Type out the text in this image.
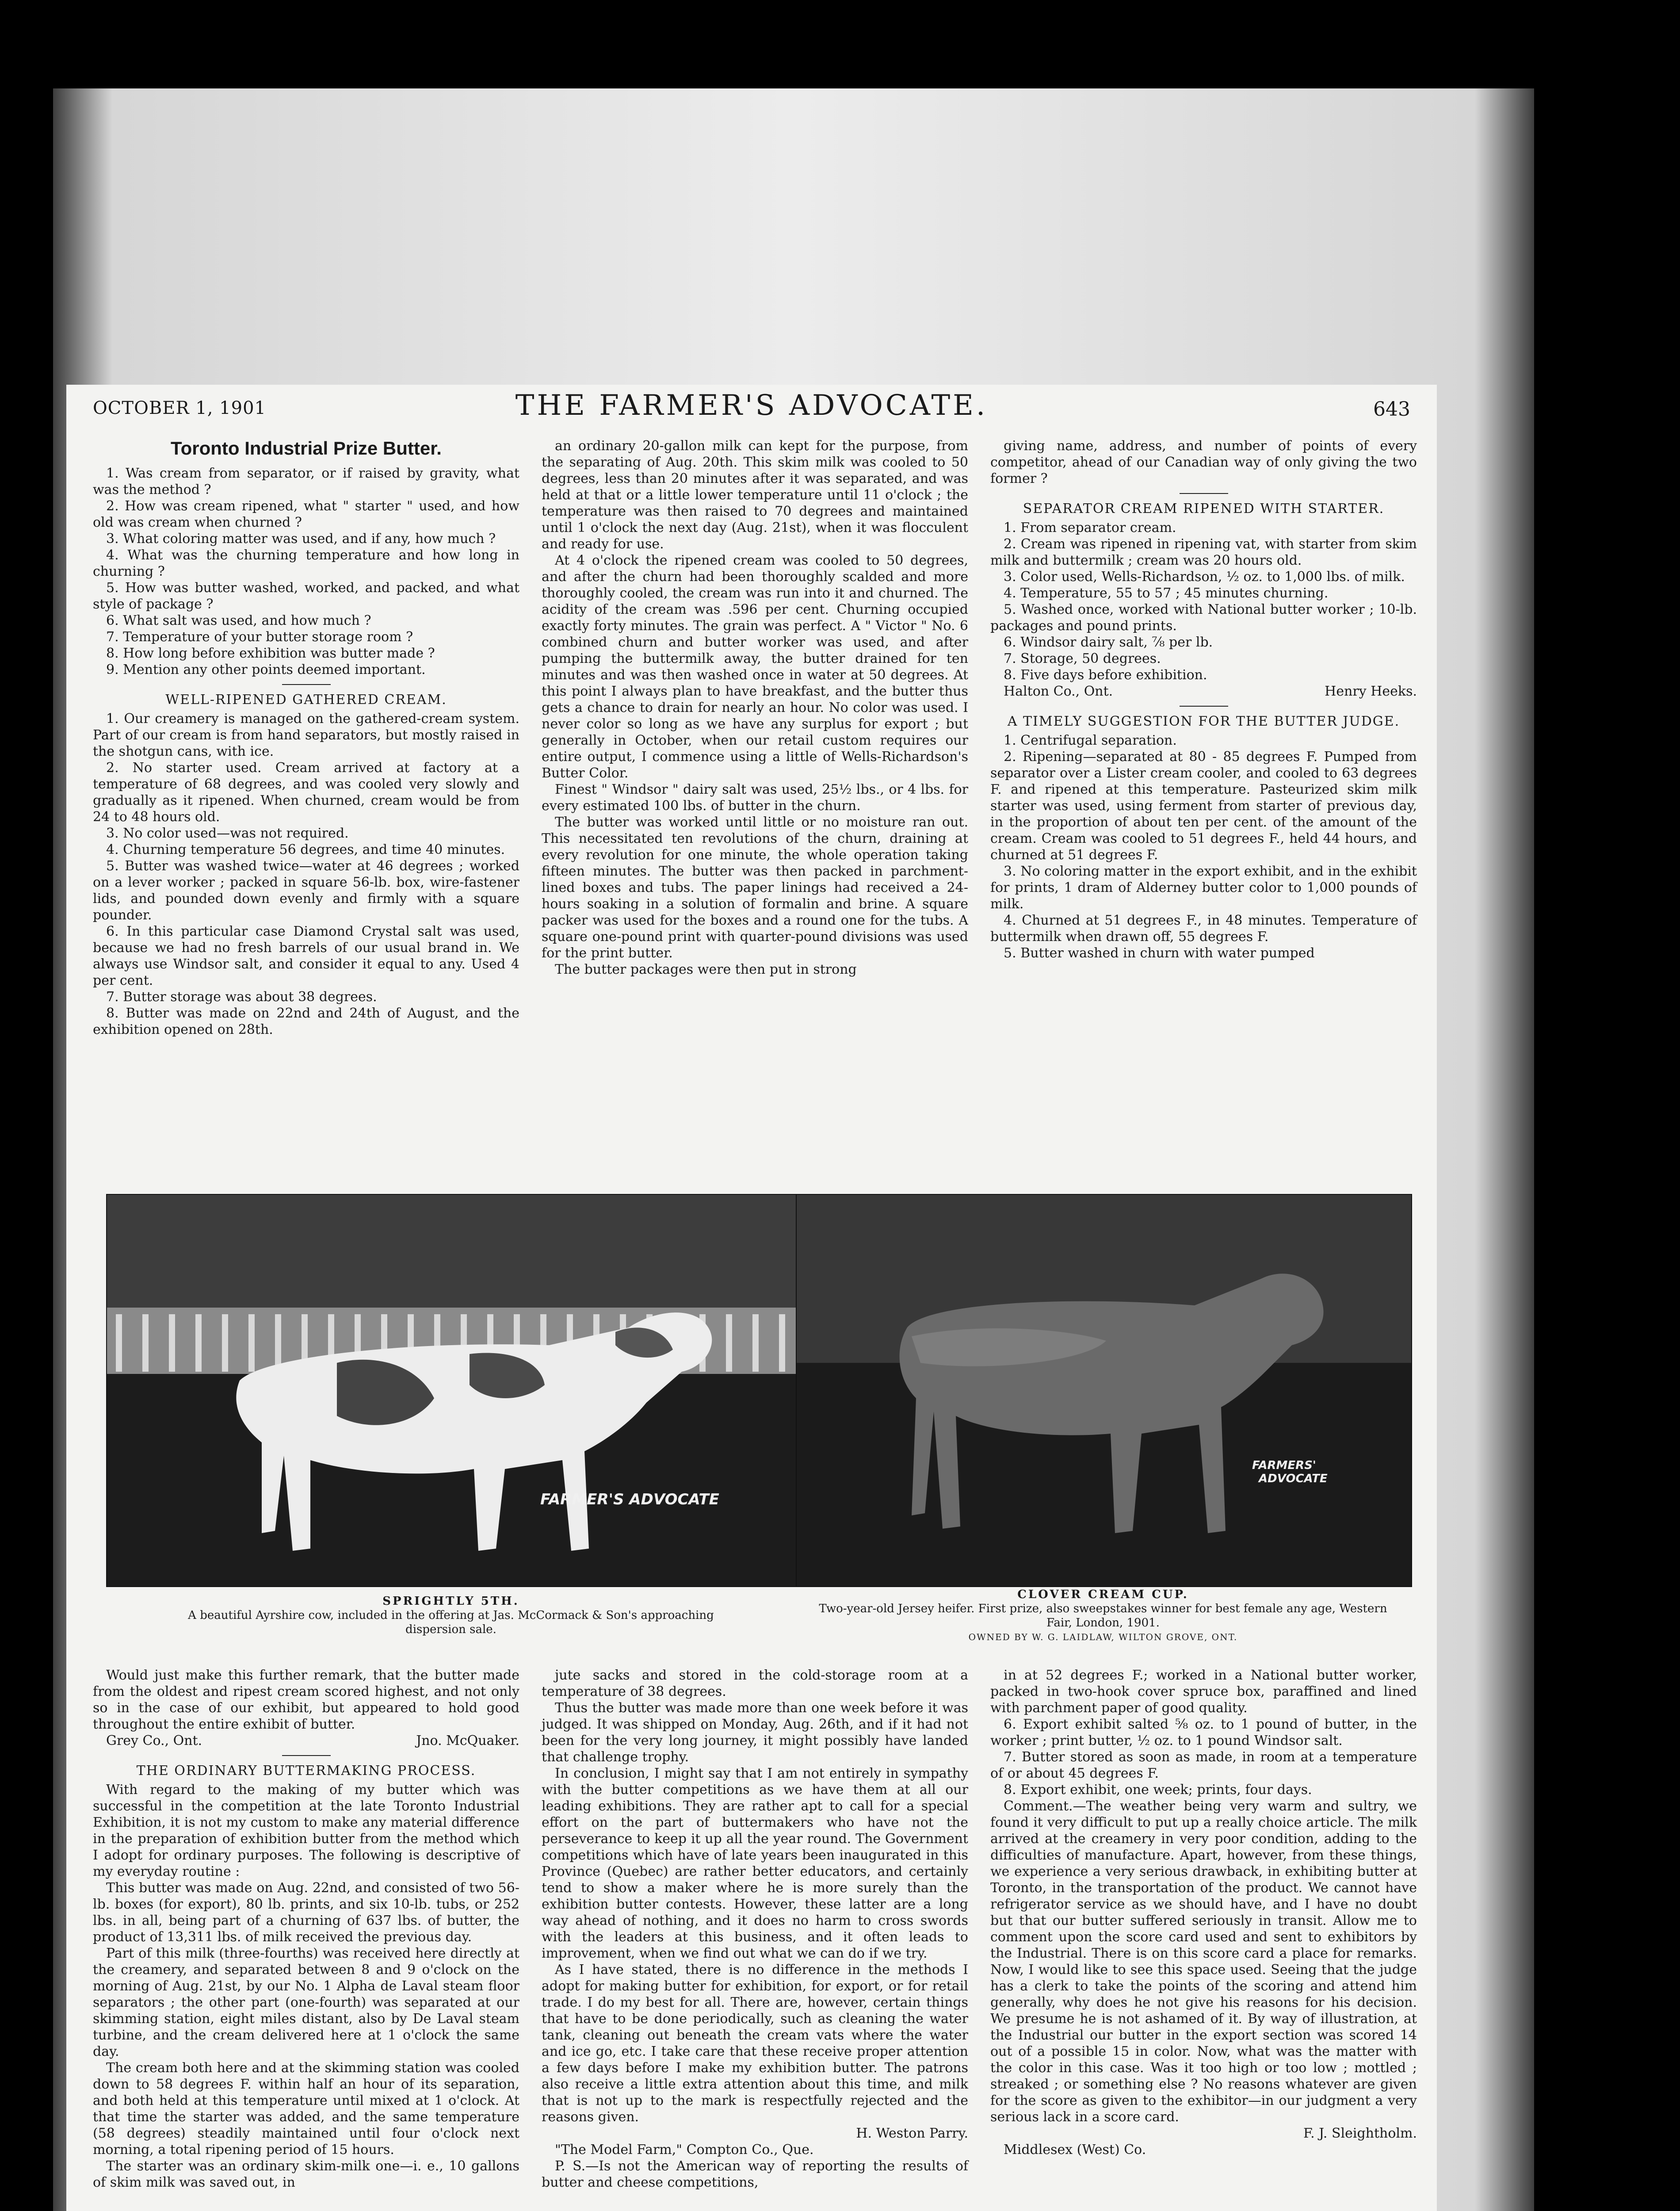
OCTOBER 1, 1901	THE FARMER'S ADVOCATE.	643
Toronto Industrial Prize Butter.

1. Was cream from separator, or if raised by gravity, what was the method ?

2. How was cream ripened, what " starter " used, and how old was cream when churned ?

3. What coloring matter was used, and if any, how much ?

4. What was the churning temperature and how long in churning ?

5. How was butter washed, worked, and packed, and what style of package ?

6. What salt was used, and how much ?

7. Temperature of your butter storage room ?

8. How long before exhibition was butter made ?

9. Mention any other points deemed important.

WELL-RIPENED GATHERED CREAM.

1. Our creamery is managed on the gathered-cream system. Part of our cream is from hand separators, but mostly raised in the shotgun cans, with ice.

2. No starter used. Cream arrived at factory at a temperature of 68 degrees, and was cooled very slowly and gradually as it ripened. When churned, cream would be from 24 to 48 hours old.

3. No color used—was not required.

4. Churning temperature 56 degrees, and time 40 minutes.

5. Butter was washed twice—water at 46 degrees ; worked on a lever worker ; packed in square 56-lb. box, wire-fastener lids, and pounded down evenly and firmly with a square pounder.

6. In this particular case Diamond Crystal salt was used, because we had no fresh barrels of our usual brand in. We always use Windsor salt, and consider it equal to any. Used 4 per cent.

7. Butter storage was about 38 degrees.

8. Butter was made on 22nd and 24th of August, and the exhibition opened on 28th.

an ordinary 20-gallon milk can kept for the purpose, from the separating of Aug. 20th. This skim milk was cooled to 50 degrees, less than 20 minutes after it was separated, and was held at that or a little lower temperature until 11 o'clock ; the temperature was then raised to 70 degrees and maintained until 1 o'clock the next day (Aug. 21st), when it was flocculent and ready for use.

At 4 o'clock the ripened cream was cooled to 50 degrees, and after the churn had been thoroughly scalded and more thoroughly cooled, the cream was run into it and churned. The acidity of the cream was .596 per cent. Churning occupied exactly forty minutes. The grain was perfect. A " Victor " No. 6 combined churn and butter worker was used, and after pumping the buttermilk away, the butter drained for ten minutes and was then washed once in water at 50 degrees. At this point I always plan to have breakfast, and the butter thus gets a chance to drain for nearly an hour. No color was used. I never color so long as we have any surplus for export ; but generally in October, when our retail custom requires our entire output, I commence using a little of Wells-Richardson's Butter Color.

Finest " Windsor " dairy salt was used, 25½ lbs., or 4 lbs. for every estimated 100 lbs. of butter in the churn.

The butter was worked until little or no moisture ran out. This necessitated ten revolutions of the churn, draining at every revolution for one minute, the whole operation taking fifteen minutes. The butter was then packed in parchment-lined boxes and tubs. The paper linings had received a 24-hours soaking in a solution of formalin and brine. A square packer was used for the boxes and a round one for the tubs. A square one-pound print with quarter-pound divisions was used for the print butter.

The butter packages were then put in strong

giving name, address, and number of points of every competitor, ahead of our Canadian way of only giving the two former ?

SEPARATOR CREAM RIPENED WITH STARTER.

1. From separator cream.

2. Cream was ripened in ripening vat, with starter from skim milk and buttermilk ; cream was 20 hours old.

3. Color used, Wells-Richardson, ½ oz. to 1,000 lbs. of milk.

4. Temperature, 55 to 57 ; 45 minutes churning.

5. Washed once, worked with National butter worker ; 10-lb. packages and pound prints.

6. Windsor dairy salt, ⅞ per lb.

7. Storage, 50 degrees.

8. Five days before exhibition.

Halton Co., Ont.	Henry Heeks.
A TIMELY SUGGESTION FOR THE BUTTER JUDGE.

1. Centrifugal separation.

2. Ripening—separated at 80 - 85 degrees F. Pumped from separator over a Lister cream cooler, and cooled to 63 degrees F. and ripened at this temperature. Pasteurized skim milk starter was used, using ferment from starter of previous day, in the proportion of about ten per cent. of the amount of the cream. Cream was cooled to 51 degrees F., held 44 hours, and churned at 51 degrees F.

3. No coloring matter in the export exhibit, and in the exhibit for prints, 1 dram of Alderney butter color to 1,000 pounds of milk.

4. Churned at 51 degrees F., in 48 minutes. Temperature of buttermilk when drawn off, 55 degrees F.

5. Butter washed in churn with water pumped

FARMER'S ADVOCATE
FARMERS'
ADVOCATE
SPRIGHTLY 5TH.
A beautiful Ayrshire cow, included in the offering at Jas. McCormack & Son's approaching dispersion sale.
CLOVER CREAM CUP.
Two-year-old Jersey heifer. First prize, also sweepstakes winner for best female any age, Western Fair, London, 1901.
OWNED BY W. G. LAIDLAW, WILTON GROVE, ONT.

Would just make this further remark, that the butter made from the oldest and ripest cream scored highest, and not only so in the case of our exhibit, but appeared to hold good throughout the entire exhibit of butter.

Grey Co., Ont.	Jno. McQuaker.
THE ORDINARY BUTTERMAKING PROCESS.

With regard to the making of my butter which was successful in the competition at the late Toronto Industrial Exhibition, it is not my custom to make any material difference in the preparation of exhibition butter from the method which I adopt for ordinary purposes. The following is descriptive of my everyday routine :

This butter was made on Aug. 22nd, and consisted of two 56-lb. boxes (for export), 80 lb. prints, and six 10-lb. tubs, or 252 lbs. in all, being part of a churning of 637 lbs. of butter, the product of 13,311 lbs. of milk received the previous day.

Part of this milk (three-fourths) was received here directly at the creamery, and separated between 8 and 9 o'clock on the morning of Aug. 21st, by our No. 1 Alpha de Laval steam floor separators ; the other part (one-fourth) was separated at our skimming station, eight miles distant, also by De Laval steam turbine, and the cream delivered here at 1 o'clock the same day.

The cream both here and at the skimming station was cooled down to 58 degrees F. within half an hour of its separation, and both held at this temperature until mixed at 1 o'clock. At that time the starter was added, and the same temperature (58 degrees) steadily maintained until four o'clock next morning, a total ripening period of 15 hours.

The starter was an ordinary skim-milk one—i. e., 10 gallons of skim milk was saved out, in

jute sacks and stored in the cold-storage room at a temperature of 38 degrees.

Thus the butter was made more than one week before it was judged. It was shipped on Monday, Aug. 26th, and if it had not been for the very long journey, it might possibly have landed that challenge trophy.

In conclusion, I might say that I am not entirely in sympathy with the butter competitions as we have them at all our leading exhibitions. They are rather apt to call for a special effort on the part of buttermakers who have not the perseverance to keep it up all the year round. The Government competitions which have of late years been inaugurated in this Province (Quebec) are rather better educators, and certainly tend to show a maker where he is more surely than the exhibition butter contests. However, these latter are a long way ahead of nothing, and it does no harm to cross swords with the leaders at this business, and it often leads to improvement, when we find out what we can do if we try.

As I have stated, there is no difference in the methods I adopt for making butter for exhibition, for export, or for retail trade. I do my best for all. There are, however, certain things that have to be done periodically, such as cleaning the water tank, cleaning out beneath the cream vats where the water and ice go, etc. I take care that these receive proper attention a few days before I make my exhibition butter. The patrons also receive a little extra attention about this time, and milk that is not up to the mark is respectfully rejected and the reasons given.

H. Weston Parry.

"The Model Farm," Compton Co., Que.

P. S.—Is not the American way of reporting the results of butter and cheese competitions,

in at 52 degrees F.; worked in a National butter worker, packed in two-hook cover spruce box, paraffined and lined with parchment paper of good quality.

6. Export exhibit salted ⅝ oz. to 1 pound of butter, in the worker ; print butter, ½ oz. to 1 pound Windsor salt.

7. Butter stored as soon as made, in room at a temperature of or about 45 degrees F.

8. Export exhibit, one week; prints, four days.

Comment.—The weather being very warm and sultry, we found it very difficult to put up a really choice article. The milk arrived at the creamery in very poor condition, adding to the difficulties of manufacture. Apart, however, from these things, we experience a very serious drawback, in exhibiting butter at Toronto, in the transportation of the product. We cannot have refrigerator service as we should have, and I have no doubt but that our butter suffered seriously in transit. Allow me to comment upon the score card used and sent to exhibitors by the Industrial. There is on this score card a place for remarks. Now, I would like to see this space used. Seeing that the judge has a clerk to take the points of the scoring and attend him generally, why does he not give his reasons for his decision. We presume he is not ashamed of it. By way of illustration, at the Industrial our butter in the export section was scored 14 out of a possible 15 in color. Now, what was the matter with the color in this case. Was it too high or too low ; mottled ; streaked ; or something else ? No reasons whatever are given for the score as given to the exhibitor—in our judgment a very serious lack in a score card.

F. J. Sleightholm.

Middlesex (West) Co.
